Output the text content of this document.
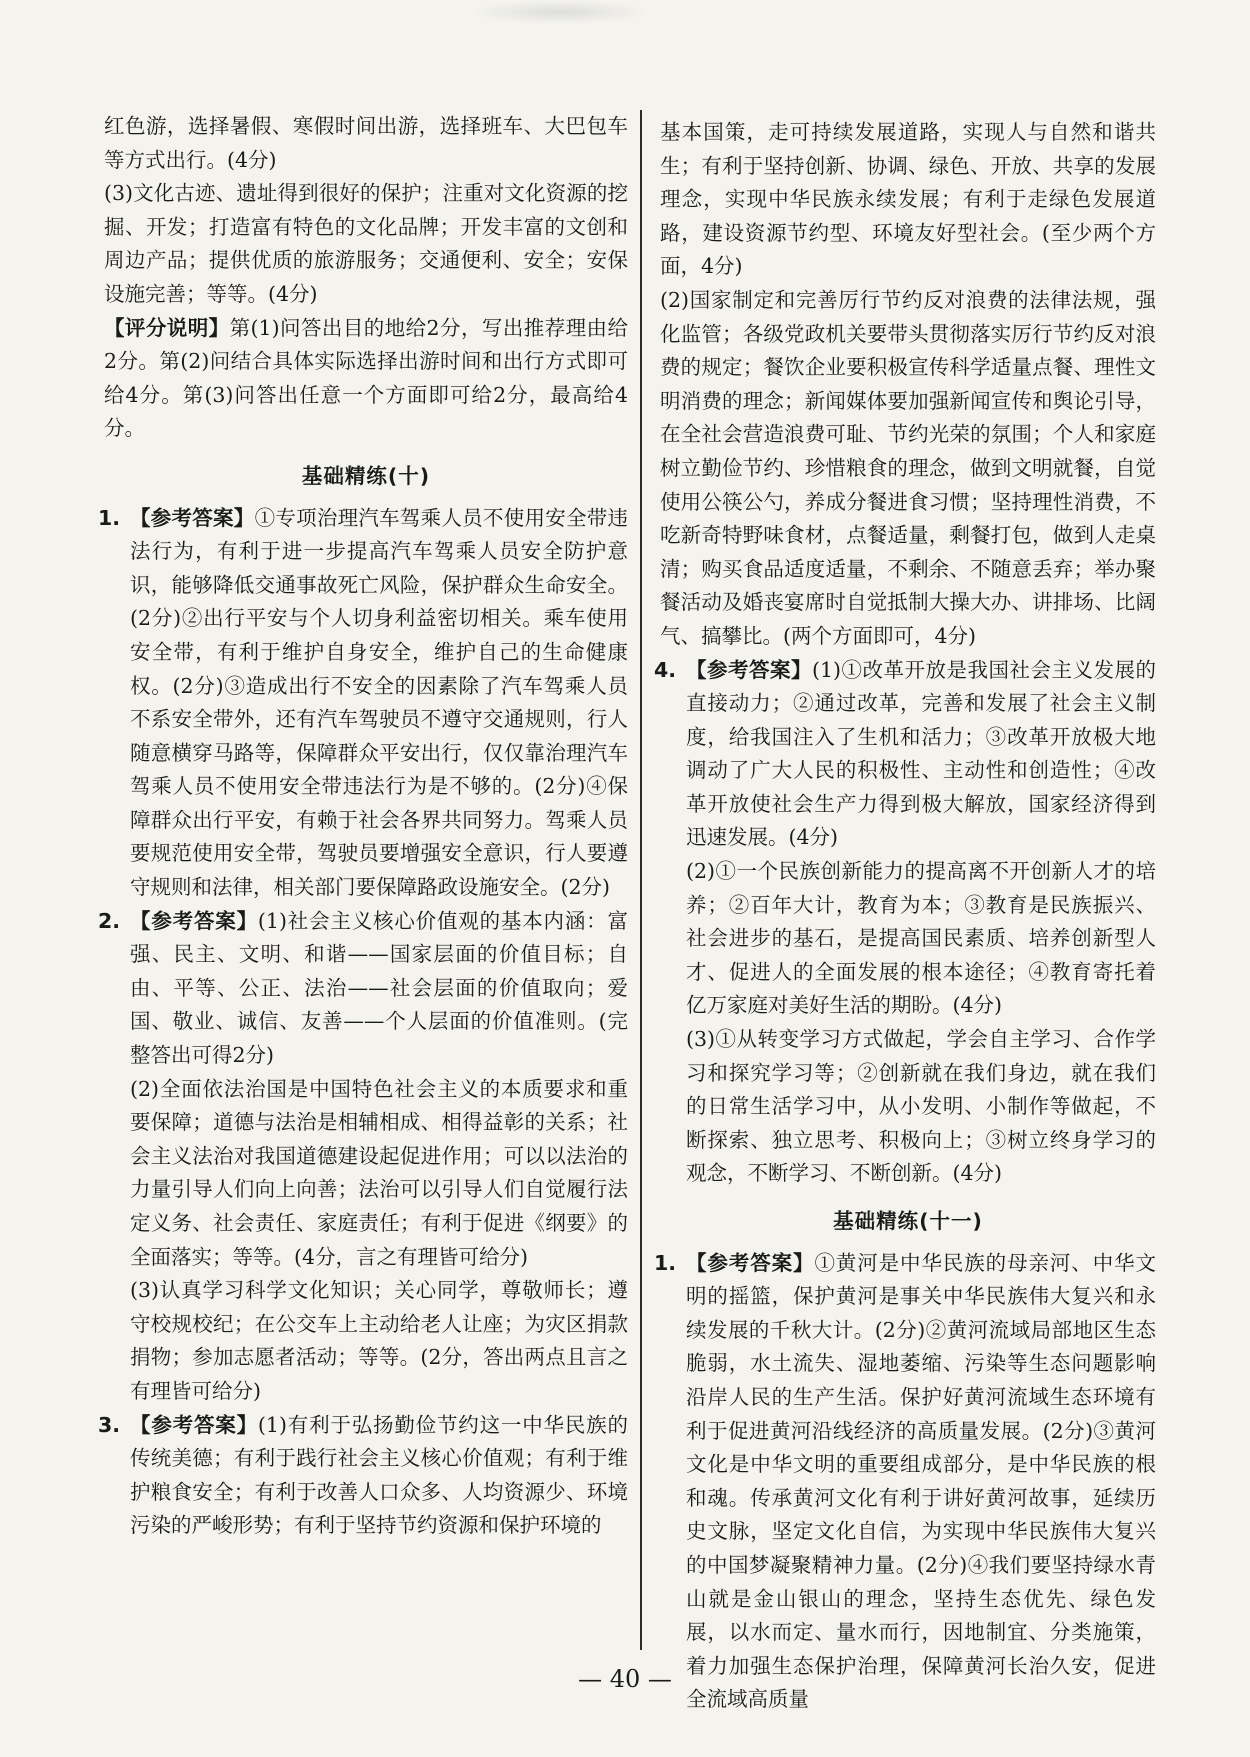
红色游，选择暑假、寒假时间出游，选择班车、大巴包车等方式出行。(4分)

(3)文化古迹、遗址得到很好的保护；注重对文化资源的挖掘、开发；打造富有特色的文化品牌；开发丰富的文创和周边产品；提供优质的旅游服务；交通便利、安全；安保设施完善；等等。(4分)

【评分说明】第(1)问答出目的地给2分，写出推荐理由给2分。第(2)问结合具体实际选择出游时间和出行方式即可给4分。第(3)问答出任意一个方面即可给2分，最高给4分。

基础精练(十)
1. 【参考答案】①专项治理汽车驾乘人员不使用安全带违法行为，有利于进一步提高汽车驾乘人员安全防护意识，能够降低交通事故死亡风险，保护群众生命安全。(2分)②出行平安与个人切身利益密切相关。乘车使用安全带，有利于维护自身安全，维护自己的生命健康权。(2分)③造成出行不安全的因素除了汽车驾乘人员不系安全带外，还有汽车驾驶员不遵守交通规则，行人随意横穿马路等，保障群众平安出行，仅仅靠治理汽车驾乘人员不使用安全带违法行为是不够的。(2分)④保障群众出行平安，有赖于社会各界共同努力。驾乘人员要规范使用安全带，驾驶员要增强安全意识，行人要遵守规则和法律，相关部门要保障路政设施安全。(2分)
2. 【参考答案】(1)社会主义核心价值观的基本内涵：富强、民主、文明、和谐——国家层面的价值目标；自由、平等、公正、法治——社会层面的价值取向；爱国、敬业、诚信、友善——个人层面的价值准则。(完整答出可得2分)

(2)全面依法治国是中国特色社会主义的本质要求和重要保障；道德与法治是相辅相成、相得益彰的关系；社会主义法治对我国道德建设起促进作用；可以以法治的力量引导人们向上向善；法治可以引导人们自觉履行法定义务、社会责任、家庭责任；有利于促进《纲要》的全面落实；等等。(4分，言之有理皆可给分)

(3)认真学习科学文化知识；关心同学，尊敬师长；遵守校规校纪；在公交车上主动给老人让座；为灾区捐款捐物；参加志愿者活动；等等。(2分，答出两点且言之有理皆可给分)

3. 【参考答案】(1)有利于弘扬勤俭节约这一中华民族的传统美德；有利于践行社会主义核心价值观；有利于维护粮食安全；有利于改善人口众多、人均资源少、环境污染的严峻形势；有利于坚持节约资源和保护环境的

基本国策，走可持续发展道路，实现人与自然和谐共生；有利于坚持创新、协调、绿色、开放、共享的发展理念，实现中华民族永续发展；有利于走绿色发展道路，建设资源节约型、环境友好型社会。(至少两个方面，4分)

(2)国家制定和完善厉行节约反对浪费的法律法规，强化监管；各级党政机关要带头贯彻落实厉行节约反对浪费的规定；餐饮企业要积极宣传科学适量点餐、理性文明消费的理念；新闻媒体要加强新闻宣传和舆论引导，在全社会营造浪费可耻、节约光荣的氛围；个人和家庭树立勤俭节约、珍惜粮食的理念，做到文明就餐，自觉使用公筷公勺，养成分餐进食习惯；坚持理性消费，不吃新奇特野味食材，点餐适量，剩餐打包，做到人走桌清；购买食品适度适量，不剩余、不随意丢弃；举办聚餐活动及婚丧宴席时自觉抵制大操大办、讲排场、比阔气、搞攀比。(两个方面即可，4分)

4. 【参考答案】(1)①改革开放是我国社会主义发展的直接动力；②通过改革，完善和发展了社会主义制度，给我国注入了生机和活力；③改革开放极大地调动了广大人民的积极性、主动性和创造性；④改革开放使社会生产力得到极大解放，国家经济得到迅速发展。(4分)

(2)①一个民族创新能力的提高离不开创新人才的培养；②百年大计，教育为本；③教育是民族振兴、社会进步的基石，是提高国民素质、培养创新型人才、促进人的全面发展的根本途径；④教育寄托着亿万家庭对美好生活的期盼。(4分)

(3)①从转变学习方式做起，学会自主学习、合作学习和探究学习等；②创新就在我们身边，就在我们的日常生活学习中，从小发明、小制作等做起，不断探索、独立思考、积极向上；③树立终身学习的观念，不断学习、不断创新。(4分)

基础精练(十一)
1. 【参考答案】①黄河是中华民族的母亲河、中华文明的摇篮，保护黄河是事关中华民族伟大复兴和永续发展的千秋大计。(2分)②黄河流域局部地区生态脆弱，水土流失、湿地萎缩、污染等生态问题影响沿岸人民的生产生活。保护好黄河流域生态环境有利于促进黄河沿线经济的高质量发展。(2分)③黄河文化是中华文明的重要组成部分，是中华民族的根和魂。传承黄河文化有利于讲好黄河故事，延续历史文脉，坚定文化自信，为实现中华民族伟大复兴的中国梦凝聚精神力量。(2分)④我们要坚持绿水青山就是金山银山的理念，坚持生态优先、绿色发展，以水而定、量水而行，因地制宜、分类施策，着力加强生态保护治理，保障黄河长治久安，促进全流域高质量
— 40 —
